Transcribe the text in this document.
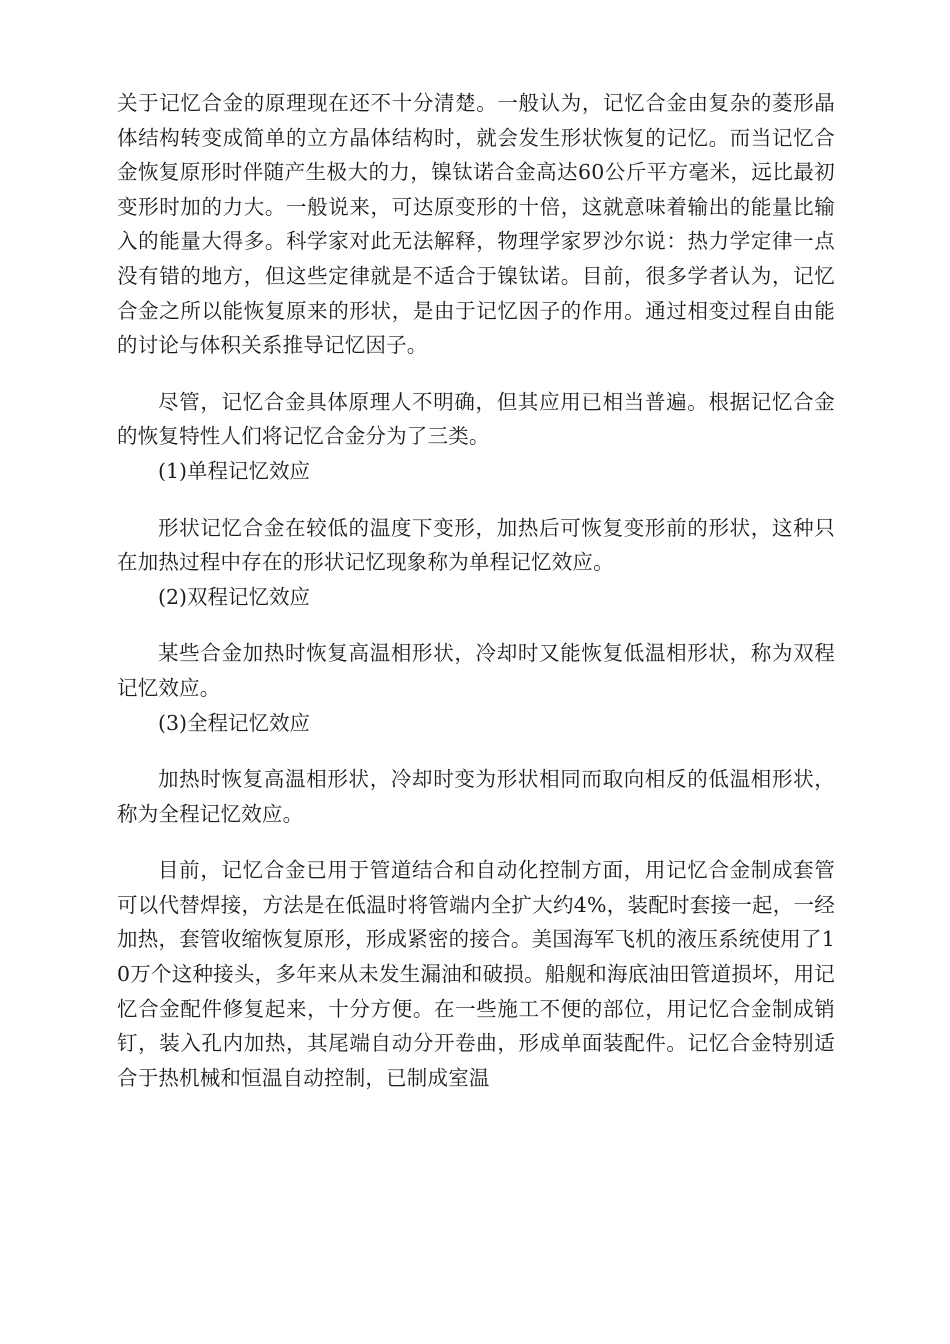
关于记忆合金的原理现在还不十分清楚。一般认为，记忆合金由复杂的菱形晶体结构转变成简单的立方晶体结构时，就会发生形状恢复的记忆。而当记忆合金恢复原形时伴随产生极大的力，镍钛诺合金高达60公斤平方毫米，远比最初变形时加的力大。一般说来，可达原变形的十倍，这就意味着输出的能量比输入的能量大得多。科学家对此无法解释，物理学家罗沙尔说：热力学定律一点没有错的地方，但这些定律就是不适合于镍钛诺。目前，很多学者认为，记忆合金之所以能恢复原来的形状，是由于记忆因子的作用。通过相变过程自由能的讨论与体积关系推导记忆因子。

尽管，记忆合金具体原理人不明确，但其应用已相当普遍。根据记忆合金的恢复特性人们将记忆合金分为了三类。

(1)单程记忆效应

形状记忆合金在较低的温度下变形，加热后可恢复变形前的形状，这种只在加热过程中存在的形状记忆现象称为单程记忆效应。

(2)双程记忆效应

某些合金加热时恢复高温相形状，冷却时又能恢复低温相形状，称为双程记忆效应。

(3)全程记忆效应

加热时恢复高温相形状，冷却时变为形状相同而取向相反的低温相形状，称为全程记忆效应。

目前，记忆合金已用于管道结合和自动化控制方面，用记忆合金制成套管可以代替焊接，方法是在低温时将管端内全扩大约4%，装配时套接一起，一经加热，套管收缩恢复原形，形成紧密的接合。美国海军飞机的液压系统使用了10万个这种接头，多年来从未发生漏油和破损。船舰和海底油田管道损坏，用记忆合金配件修复起来，十分方便。在一些施工不便的部位，用记忆合金制成销钉，装入孔内加热，其尾端自动分开卷曲，形成单面装配件。记忆合金特别适合于热机械和恒温自动控制，已制成室温
